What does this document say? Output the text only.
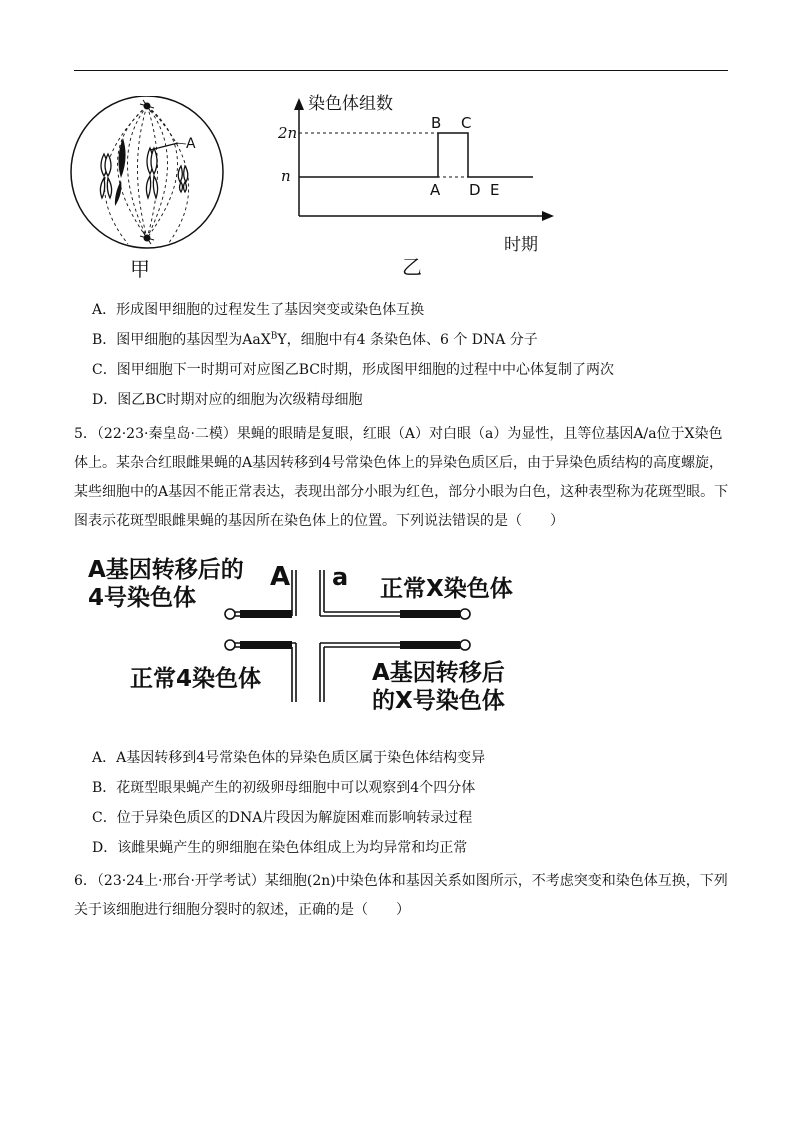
A
甲
染色体组数
时期
2n
n
A
B C
D E
乙
A．形成图甲细胞的过程发生了基因突变或染色体互换
B．图甲细胞的基因型为AaX$^B$Y，细胞中有4 条染色体、6 个 DNA 分子
C．图甲细胞下一时期可对应图乙BC时期，形成图甲细胞的过程中中心体复制了两次
D．图乙BC时期对应的细胞为次级精母细胞
5．（22·23·秦皇岛·二模）果蝇的眼睛是复眼，红眼（A）对白眼（a）为显性，且等位基因A/a位于X染色体上。某杂合红眼雌果蝇的A基因转移到4号常染色体上的异染色质区后，由于异染色质结构的高度螺旋，某些细胞中的A基因不能正常表达，表现出部分小眼为红色，部分小眼为白色，这种表型称为花斑型眼。下图表示花斑型眼雌果蝇的基因所在染色体上的位置。下列说法错误的是（　　）
A基因转移后的
4号染色体
A a 正常X染色体
正常4染色体	A基因转移后
的X号染色体
A．A基因转移到4号常染色体的异染色质区属于染色体结构变异
B．花斑型眼果蝇产生的初级卵母细胞中可以观察到4个四分体
C．位于异染色质区的DNA片段因为解旋困难而影响转录过程
D．该雌果蝇产生的卵细胞在染色体组成上为均异常和均正常
6．（23·24上·邢台·开学考试）某细胞(2n)中染色体和基因关系如图所示，不考虑突变和染色体互换，下列关于该细胞进行细胞分裂时的叙述，正确的是（　　）
